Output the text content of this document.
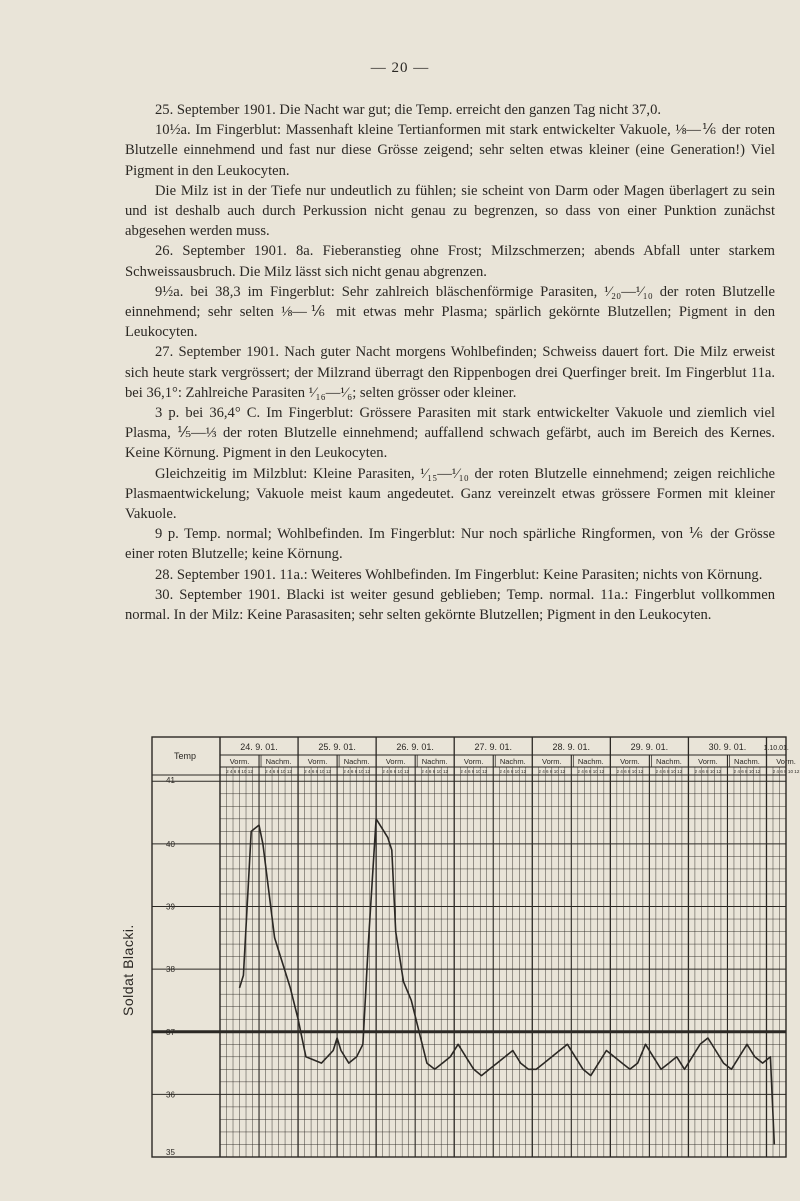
— 20 —

25. September 1901. Die Nacht war gut; die Temp. erreicht den ganzen Tag nicht 37,0.

10½a. Im Fingerblut: Massenhaft kleine Tertianformen mit stark entwickelter Vakuole, ⅛—⅙ der roten Blutzelle einnehmend und fast nur diese Grösse zeigend; sehr selten etwas kleiner (eine Generation!) Viel Pigment in den Leukocyten.

Die Milz ist in der Tiefe nur undeutlich zu fühlen; sie scheint von Darm oder Magen überlagert zu sein und ist deshalb auch durch Perkussion nicht genau zu begrenzen, so dass von einer Punktion zunächst abgesehen werden muss.

26. September 1901. 8a. Fieberanstieg ohne Frost; Milzschmerzen; abends Abfall unter starkem Schweissausbruch. Die Milz lässt sich nicht genau abgrenzen.

9½a. bei 38,3 im Fingerblut: Sehr zahlreich bläschenförmige Parasiten, ¹⁄₂₀—¹⁄₁₀ der roten Blutzelle einnehmend; sehr selten ⅛—⅙ mit etwas mehr Plasma; spärlich gekörnte Blutzellen; Pigment in den Leukocyten.

27. September 1901. Nach guter Nacht morgens Wohlbefinden; Schweiss dauert fort. Die Milz erweist sich heute stark vergrössert; der Milzrand überragt den Rippenbogen drei Querfinger breit. Im Fingerblut 11a. bei 36,1°: Zahlreiche Parasiten ¹⁄₁₆—¹⁄₆; selten grösser oder kleiner.

3 p. bei 36,4° C. Im Fingerblut: Grössere Parasiten mit stark entwickelter Vakuole und ziemlich viel Plasma, ⅕—⅓ der roten Blutzelle einnehmend; auffallend schwach gefärbt, auch im Bereich des Kernes. Keine Körnung. Pigment in den Leukocyten.

Gleichzeitig im Milzblut: Kleine Parasiten, ¹⁄₁₅—¹⁄₁₀ der roten Blutzelle einnehmend; zeigen reichliche Plasmaentwickelung; Vakuole meist kaum angedeutet. Ganz vereinzelt etwas grössere Formen mit kleiner Vakuole.

9 p. Temp. normal; Wohlbefinden. Im Fingerblut: Nur noch spärliche Ringformen, von ⅙ der Grösse einer roten Blutzelle; keine Körnung.

28. September 1901. 11a.: Weiteres Wohlbefinden. Im Fingerblut: Keine Parasiten; nichts von Körnung.

30. September 1901. Blacki ist weiter gesund geblieben; Temp. normal. 11a.: Fingerblut vollkommen normal. In der Milz: Keine Parasasiten; sehr selten gekörnte Blutzellen; Pigment in den Leukocyten.

Soldat Blacki.
Temp
24. 9. 01.	25. 9. 01.	26. 9. 01.	27. 9. 01.	28. 9. 01.	29. 9. 01.	30. 9. 01. 1.10.01.
Vorm. Nachm. Vorm. Nachm. Vorm. Nachm. Vorm. Nachm. Vorm. Nachm. Vorm. Nachm. Vorm. Nachm. Vorm.
2 4 6 8 10 12	2 4 6 8 10 12	2 4 6 8 10 12	2 4 6 8 10 12	2 4 6 8 10 12	2 4 6 8 10 12	2 4 6 8 10 12	2 4 6 8 10 12	2 4 6 8 10 12	2 4 6 8 10 12	2 4 6 8 10 12	2 4 6 8 10 12	2 4 6 8 10 12	2 4 6 8 10 12	2 4 6 8 10 12
41
40
39
38
37
36
35
